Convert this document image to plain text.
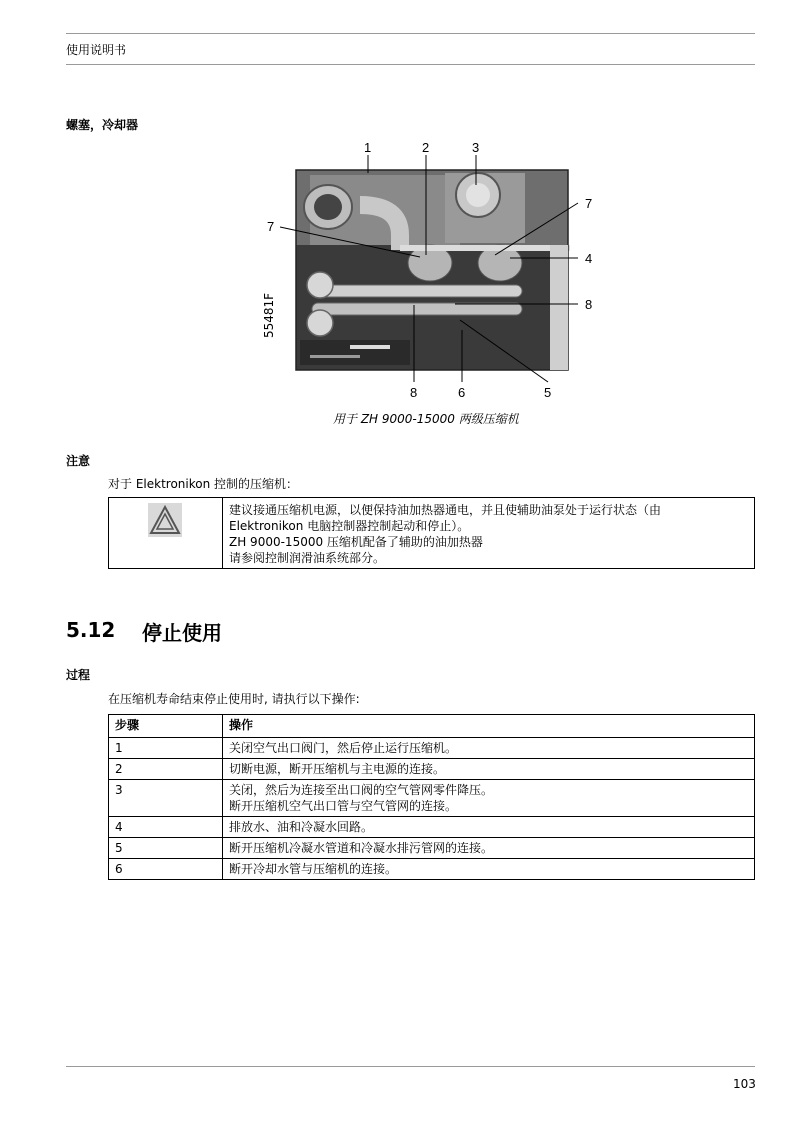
使用说明书
螺塞，冷却器
1	2	3
7
7
4
8
8	6	5
55481F
用于 ZH 9000-15000 两级压缩机
注意
对于 Elektronikon 控制的压缩机：
建议接通压缩机电源，以便保持油加热器通电，并且使辅助油泵处于运行状态（由
Elektronikon 电脑控制器控制起动和停止）。
ZH 9000-15000 压缩机配备了辅助的油加热器
请参阅控制润滑油系统部分。
5.12 停止使用
过程
在压缩机寿命结束停止使用时, 请执行以下操作:
步骤	操作
1	关闭空气出口阀门，然后停止运行压缩机。
2	切断电源，断开压缩机与主电源的连接。
3	关闭，然后为连接至出口阀的空气管网零件降压。
断开压缩机空气出口管与空气管网的连接。

4	排放水、油和冷凝水回路。
5	断开压缩机冷凝水管道和冷凝水排污管网的连接。
6	断开冷却水管与压缩机的连接。
103
